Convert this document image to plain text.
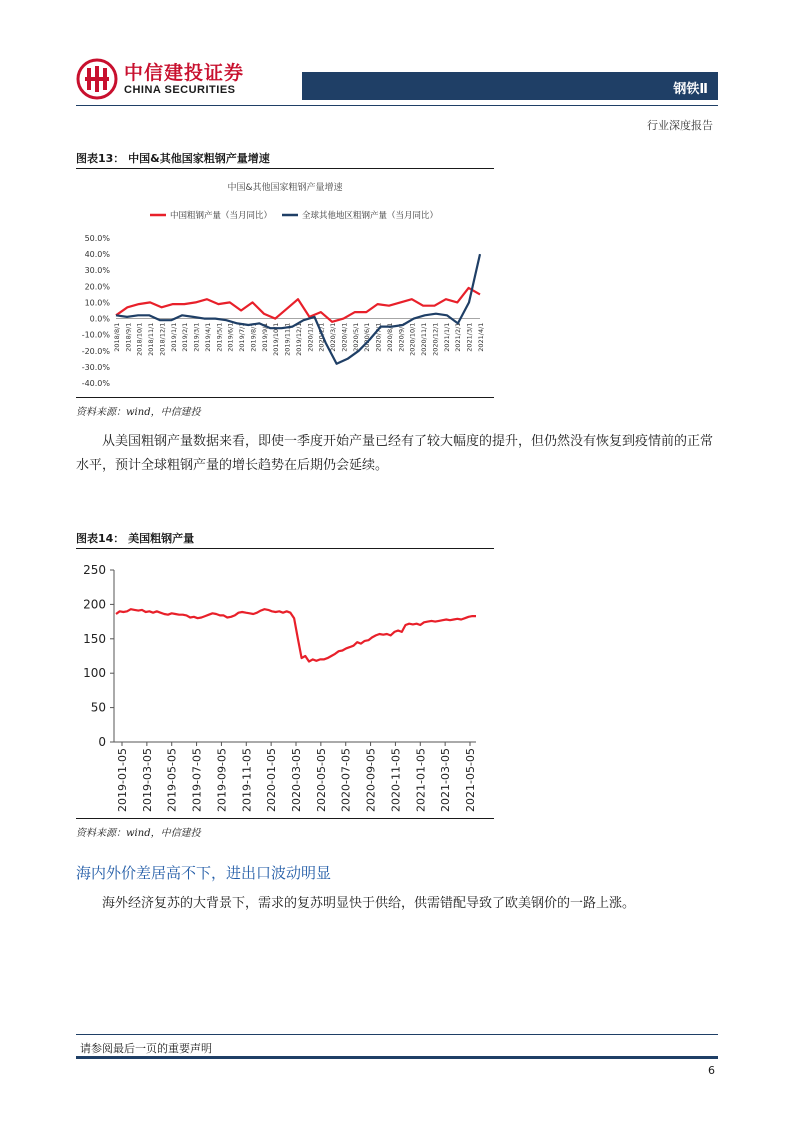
中信建投证券
CHINA SECURITIES	钢铁Ⅱ
行业深度报告
图表13： 中国&其他国家粗钢产量增速
中国&其他国家粗钢产量增速
中国粗钢产量（当月同比）	全球其他地区粗钢产量（当月同比）
50.0%
40.0%
30.0%
20.0%
10.0%
0.0%
-10.0%
-20.0%
-30.0%
-40.0%
2018/8/1 2018/9/1 2018/10/1 2018/11/1 2018/12/1 2019/1/1 2019/2/1 2019/3/1 2019/4/1 2019/5/1 2019/6/1 2019/7/1 2019/8/1 2019/9/1 2019/10/1 2019/11/1 2019/12/1 2020/1/1 2020/2/1 2020/3/1 2020/4/1 2020/5/1 2020/6/1 2020/7/1 2020/8/1 2020/9/1 2020/10/1 2020/11/1 2020/12/1 2021/1/1 2021/2/1 2021/3/1 2021/4/1
资料来源：wind，中信建投
从美国粗钢产量数据来看，即使一季度开始产量已经有了较大幅度的提升，但仍然没有恢复到疫情前的正常水平，预计全球粗钢产量的增长趋势在后期仍会延续。
图表14： 美国粗钢产量
0
50
100
150
200
250
2019-01-05 2019-03-05 2019-05-05 2019-07-05 2019-09-05 2019-11-05 2020-01-05 2020-03-05 2020-05-05 2020-07-05 2020-09-05 2020-11-05 2021-01-05 2021-03-05 2021-05-05
资料来源：wind，中信建投
海内外价差居高不下，进出口波动明显
海外经济复苏的大背景下，需求的复苏明显快于供给，供需错配导致了欧美钢价的一路上涨。
请参阅最后一页的重要声明
6
